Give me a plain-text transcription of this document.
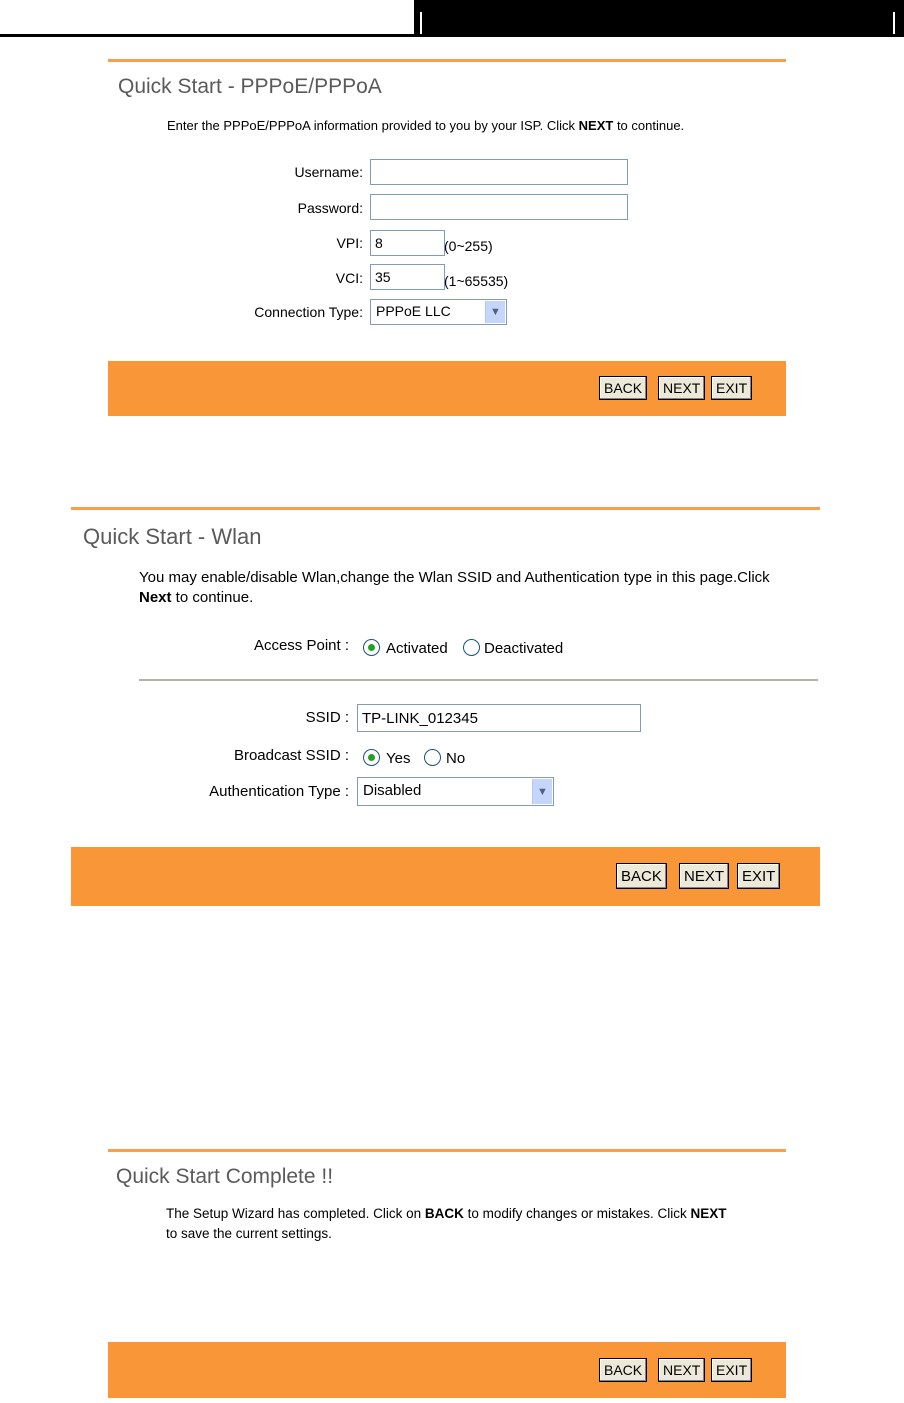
Quick Start - PPPoE/PPPoA
Enter the PPPoE/PPPoA information provided to you by your ISP. Click NEXT to continue.
Username:
Password:
VPI:
8	(0~255)
VCI:
35	(1~65535)
Connection Type: PPPoE LLC	▼
BACK	NEXT	EXIT
Quick Start - Wlan
You may enable/disable Wlan,change the Wlan SSID and Authentication type in this page.Click
Next to continue.
Access Point : Activated Deactivated
SSID :
TP-LINK_012345
Broadcast SSID : Yes No
Authentication Type : Disabled	▼
BACK	NEXT	EXIT
Quick Start Complete !!
The Setup Wizard has completed. Click on BACK to modify changes or mistakes. Click NEXT
to save the current settings.
BACK	NEXT	EXIT
